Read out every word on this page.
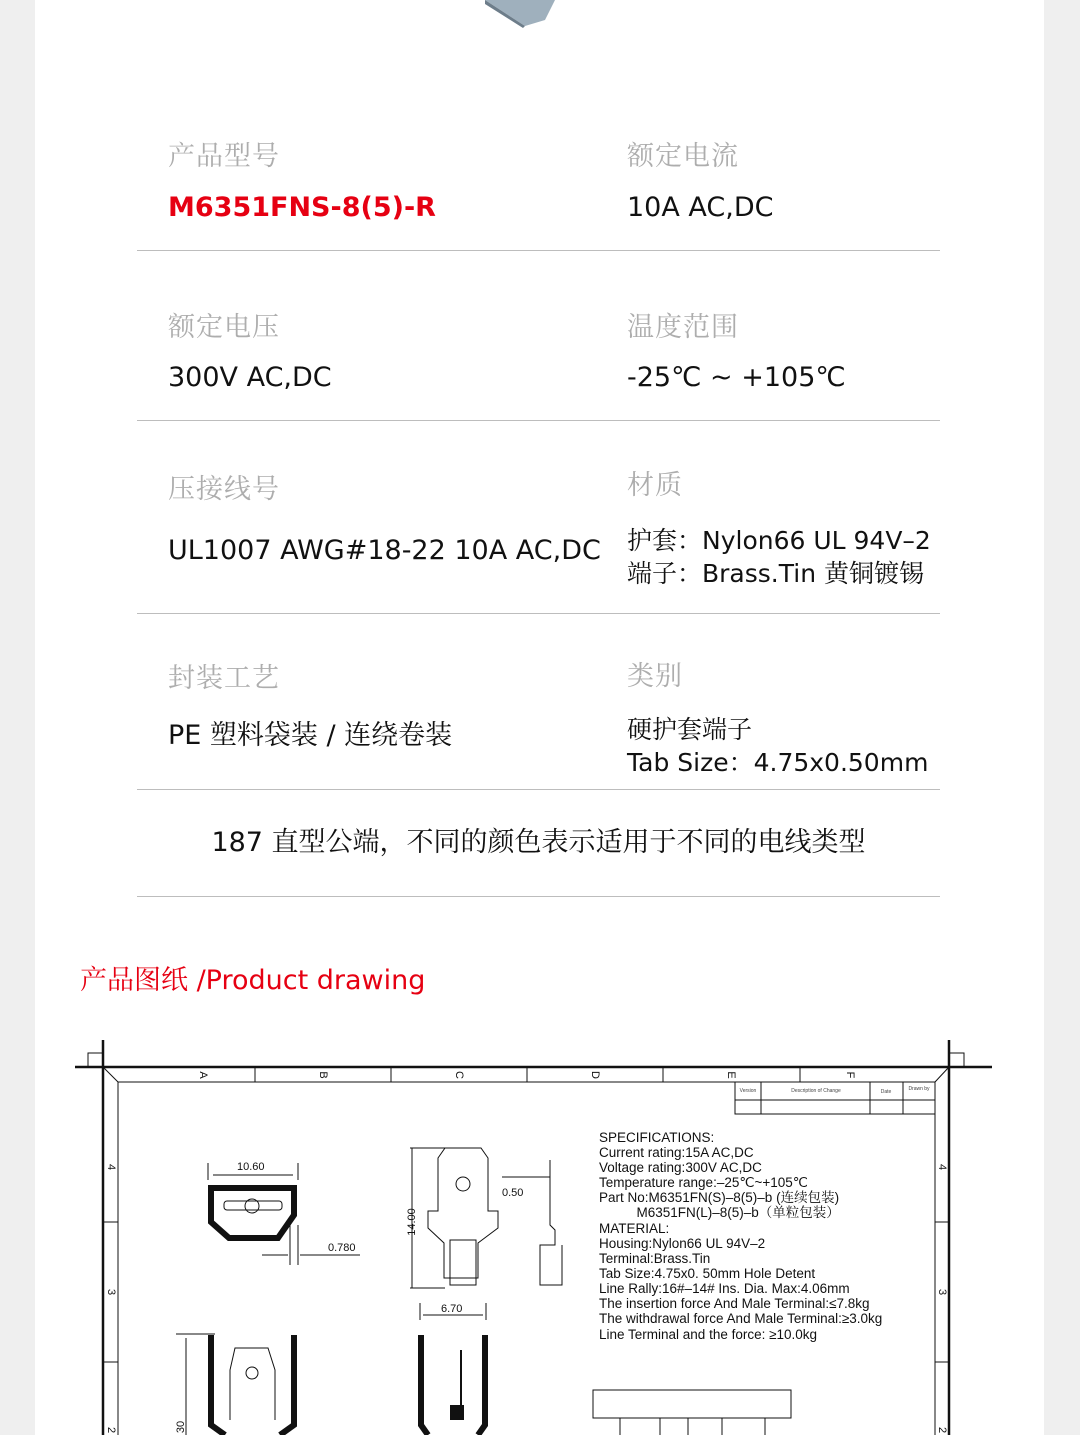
产品型号
M6351FNS-8(5)-R
额定电流
10A AC,DC
额定电压
300V AC,DC
温度范围
-25℃ ~ +105℃
压接线号
UL1007 AWG#18-22 10A AC,DC
材质
护套：Nylon66 UL 94V–2
端子：Brass.Tin 黄铜镀锡
封装工艺
PE 塑料袋装 / 连绕卷装
类别
硬护套端子
Tab Size：4.75x0.50mm
187 直型公端，不同的颜色表示适用于不同的电线类型
产品图纸 /Product drawing
A	B	C	D	E	F
4
3
2
4
3
2
Version	Description of Change	Date	Drawn by
10.60
0.780
14.00
0.50
6.70
30
SPECIFICATIONS:
Current rating:15A AC,DC
Voltage rating:300V AC,DC
Temperature range:–25℃~+105℃
Part No:M6351FN(S)–8(5)–b (连续包装)
M6351FN(L)–8(5)–b（单粒包装）
MATERIAL:
Housing:Nylon66 UL 94V–2
Terminal:Brass.Tin
Tab Size:4.75x0. 50mm Hole Detent
Line Rally:16#–14# Ins. Dia. Max:4.06mm
The insertion force And Male Terminal:≤7.8kg
The withdrawal force And Male Terminal:≥3.0kg
Line Terminal and the force: ≥10.0kg
